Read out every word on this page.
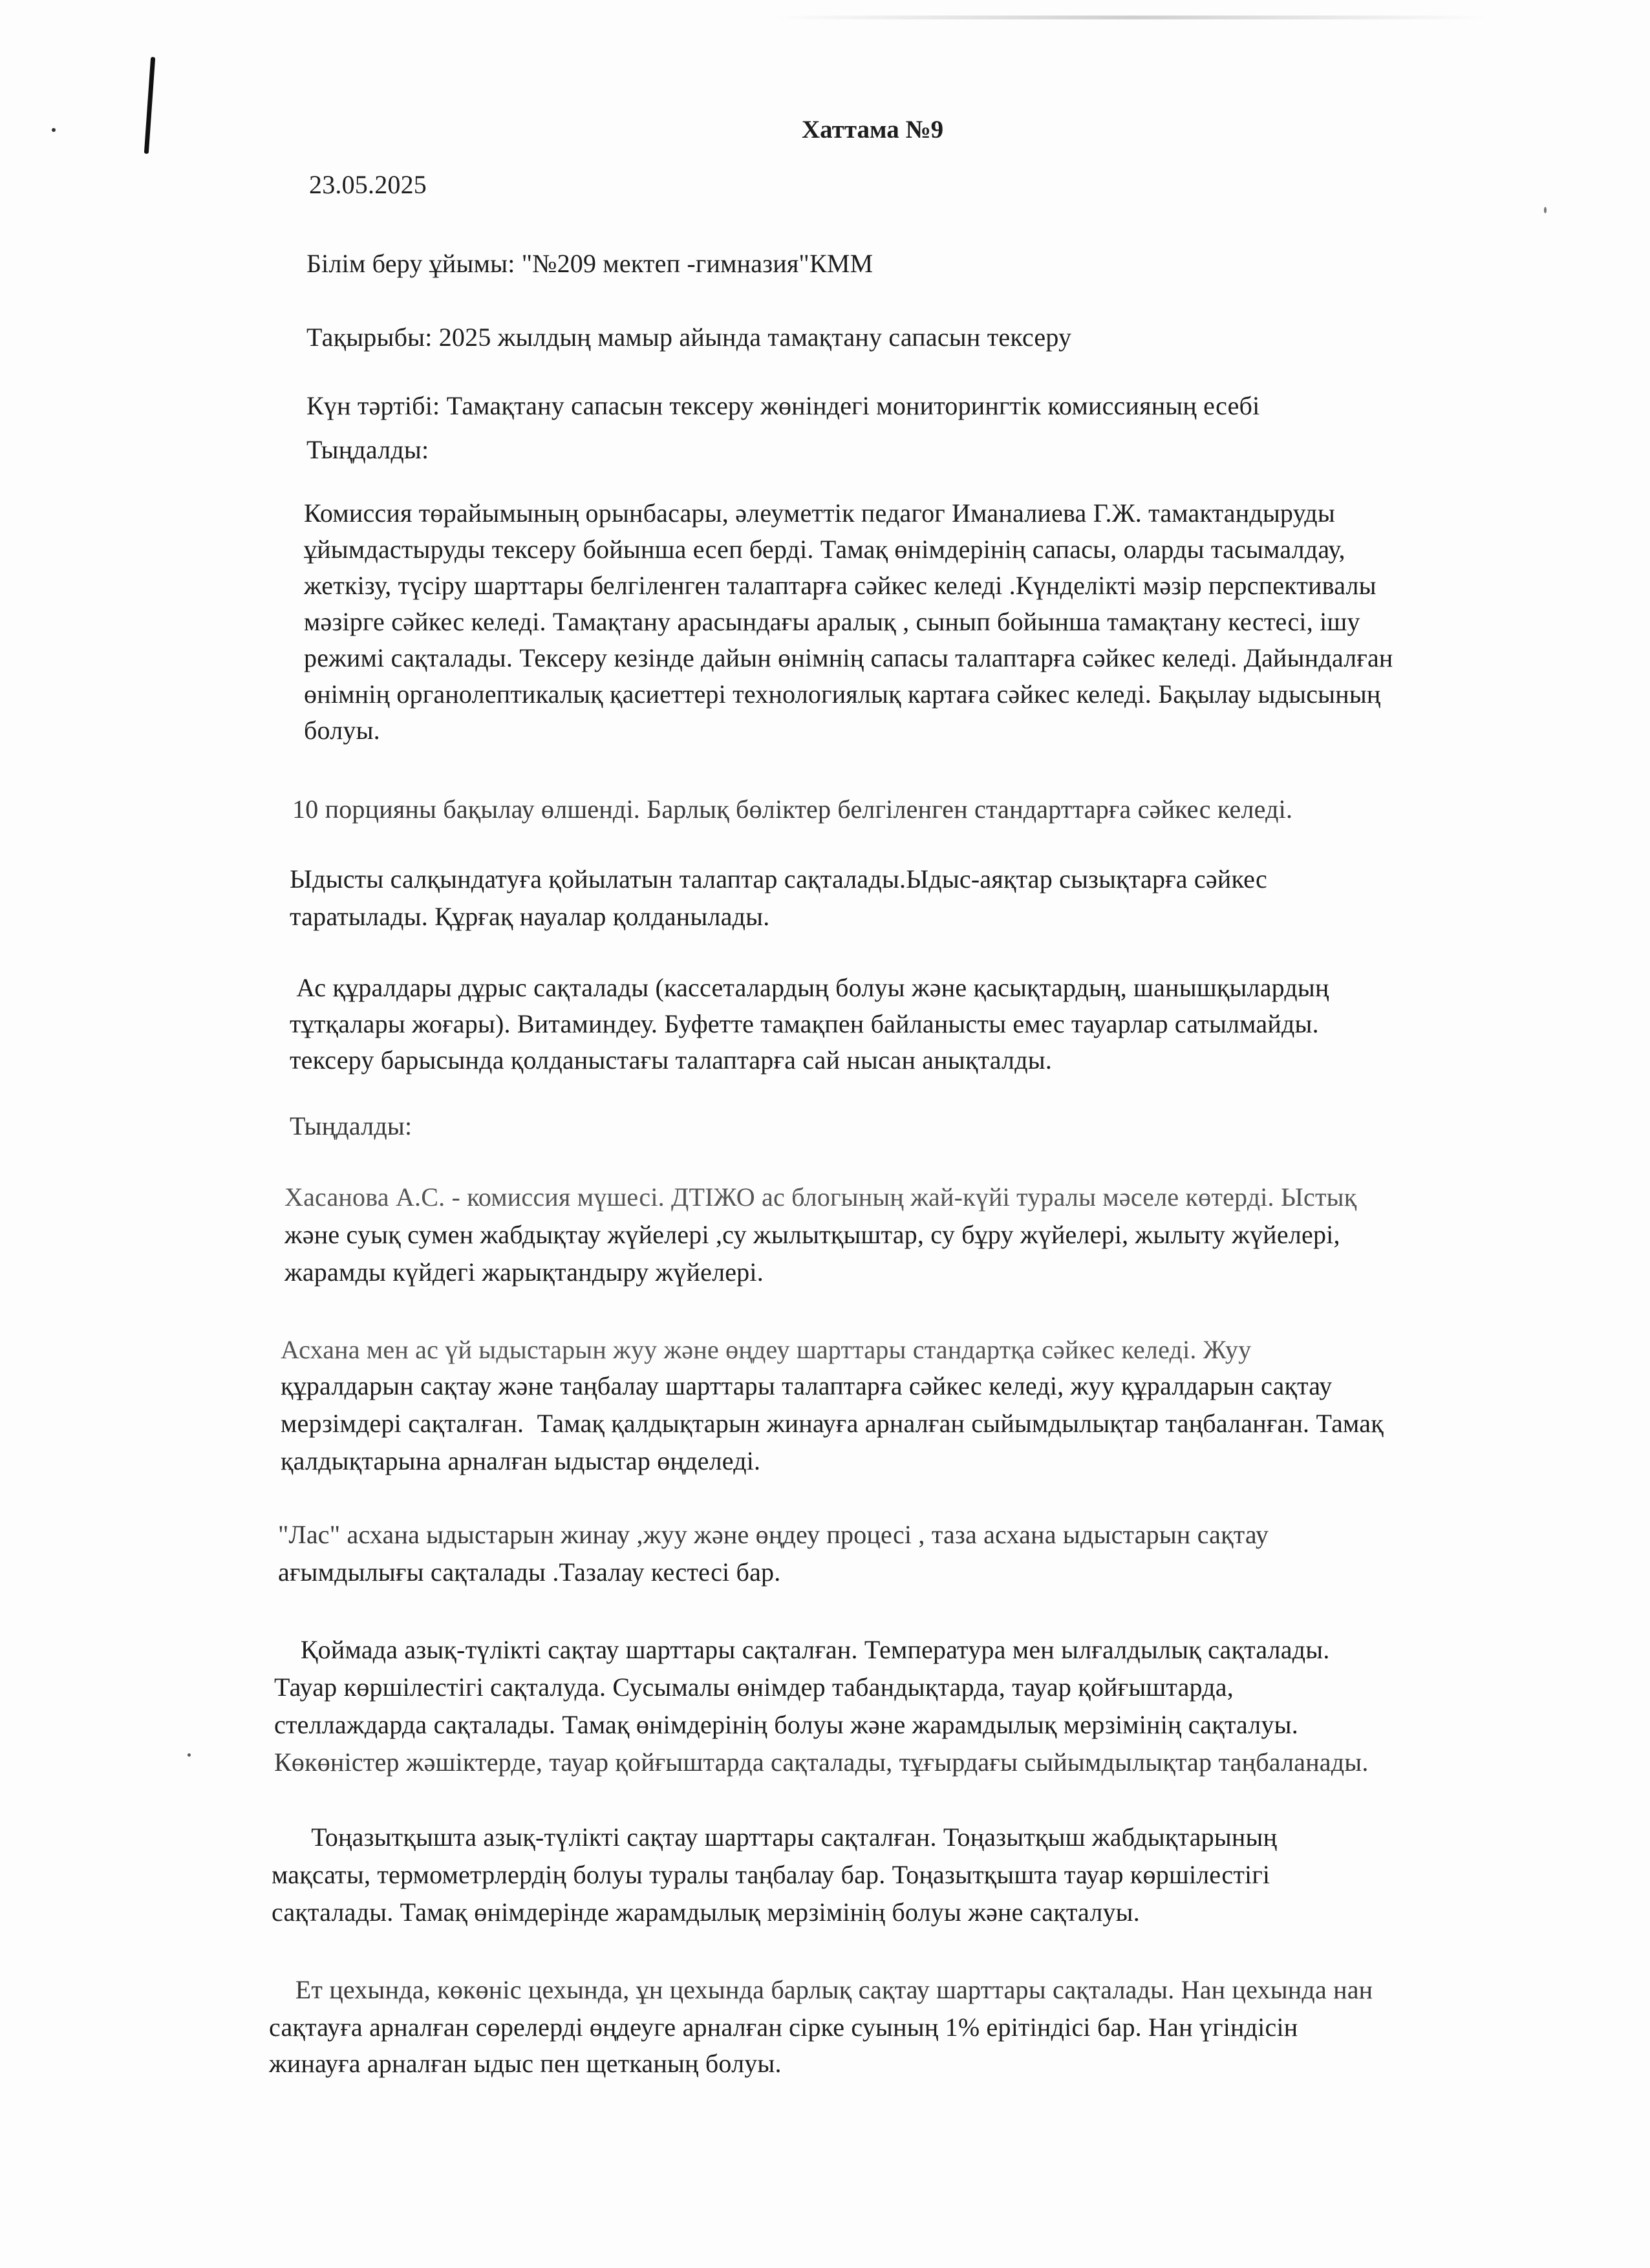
Хаттама №9
23.05.2025
Білім беру ұйымы: "№209 мектеп -гимназия"КММ
Тақырыбы: 2025 жылдың мамыр айында тамақтану сапасын тексеру
Күн тәртібі: Тамақтану сапасын тексеру жөніндегі мониторингтік комиссияның есебі
Тыңдалды:
Комиссия төрайымының орынбасары, әлеуметтік педагог Иманалиева Г.Ж. тамактандыруды
ұйымдастыруды тексеру бойынша есеп берді. Тамақ өнімдерінің сапасы, оларды тасымалдау,
жеткізу, түсіру шарттары белгіленген талаптарға сәйкес келеді .Күнделікті мәзір перспективалы
мәзірге сәйкес келеді. Тамақтану арасындағы аралық , сынып бойынша тамақтану кестесі, ішу
режимі сақталады. Тексеру кезінде дайын өнімнің сапасы талаптарға сәйкес келеді. Дайындалған
өнімнің органолептикалық қасиеттері технологиялық картаға сәйкес келеді. Бақылау ыдысының
болуы.
10 порцияны бақылау өлшенді. Барлық бөліктер белгіленген стандарттарға сәйкес келеді.
Ыдысты салқындатуға қойылатын талаптар сақталады.Ыдыс-аяқтар сызықтарға сәйкес
таратылады. Құрғақ науалар қолданылады.
Ас құралдары дұрыс сақталады (кассеталардың болуы және қасықтардың, шанышқылардың
тұтқалары жоғары). Витаминдеу. Буфетте тамақпен байланысты емес тауарлар сатылмайды.
тексеру барысында қолданыстағы талаптарға сай нысан анықталды.
Тыңдалды:
Хасанова А.С. - комиссия мүшесі. ДТІЖО ас блогының жай-күйі туралы мәселе көтерді. Ыстық
және суық сумен жабдықтау жүйелері ,су жылытқыштар, су бұру жүйелері, жылыту жүйелері,
жарамды күйдегі жарықтандыру жүйелері.
Асхана мен ас үй ыдыстарын жуу және өңдеу шарттары стандартқа сәйкес келеді. Жуу
құралдарын сақтау және таңбалау шарттары талаптарға сәйкес келеді, жуу құралдарын сақтау
мерзімдері сақталған.  Тамақ қалдықтарын жинауға арналған сыйымдылықтар таңбаланған. Тамақ
қалдықтарына арналған ыдыстар өңделеді.
"Лас" асхана ыдыстарын жинау ,жуу және өңдеу процесі , таза асхана ыдыстарын сақтау
ағымдылығы сақталады .Тазалау кестесі бар.
Қоймада азық-түлікті сақтау шарттары сақталған. Температура мен ылғалдылық сақталады.
Тауар көршілестігі сақталуда. Сусымалы өнімдер табандықтарда, тауар қойғыштарда,
стеллаждарда сақталады. Тамақ өнімдерінің болуы және жарамдылық мерзімінің сақталуы.
Көкөністер жәшіктерде, тауар қойғыштарда сақталады, тұғырдағы сыйымдылықтар таңбаланады.
Тоңазытқышта азық-түлікті сақтау шарттары сақталған. Тоңазытқыш жабдықтарының
мақсаты, термометрлердің болуы туралы таңбалау бар. Тоңазытқышта тауар көршілестігі
сақталады. Тамақ өнімдерінде жарамдылық мерзімінің болуы және сақталуы.
Ет цехында, көкөніс цехында, ұн цехында барлық сақтау шарттары сақталады. Нан цехында нан
сақтауға арналған сөрелерді өңдеуге арналған сірке суының 1% ерітіндісі бар. Нан үгіндісін
жинауға арналған ыдыс пен щетканың болуы.
